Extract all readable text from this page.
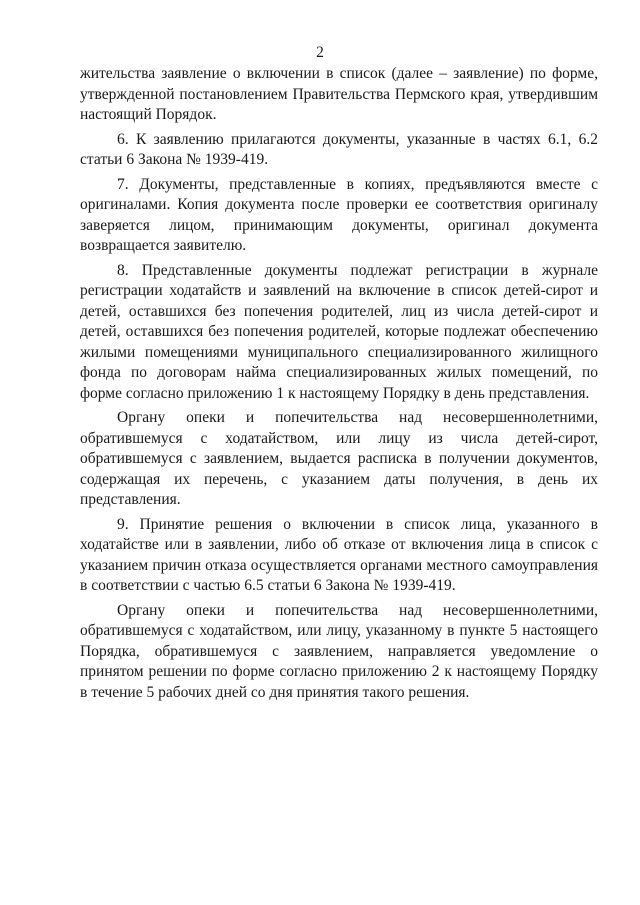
2

жительства заявление о включении в список (далее – заявление) по форме, утвержденной постановлением Правительства Пермского края, утвердившим настоящий Порядок.

6. К заявлению прилагаются документы, указанные в частях 6.1, 6.2 статьи 6 Закона № 1939-419.

7. Документы, представленные в копиях, предъявляются вместе с оригиналами. Копия документа после проверки ее соответствия оригиналу заверяется лицом, принимающим документы, оригинал документа возвращается заявителю.

8. Представленные документы подлежат регистрации в журнале регистрации ходатайств и заявлений на включение в список детей-сирот и детей, оставшихся без попечения родителей, лиц из числа детей-сирот и детей, оставшихся без попечения родителей, которые подлежат обеспечению жилыми помещениями муниципального специализированного жилищного фонда по договорам найма специализированных жилых помещений, по форме согласно приложению 1 к настоящему Порядку в день представления.

Органу опеки и попечительства над несовершеннолетними, обратившемуся с ходатайством, или лицу из числа детей-сирот, обратившемуся с заявлением, выдается расписка в получении документов, содержащая их перечень, с указанием даты получения, в день их представления.

9. Принятие решения о включении в список лица, указанного в ходатайстве или в заявлении, либо об отказе от включения лица в список с указанием причин отказа осуществляется органами местного самоуправления в соответствии с частью 6.5 статьи 6 Закона № 1939-419.

Органу опеки и попечительства над несовершеннолетними, обратившемуся с ходатайством, или лицу, указанному в пункте 5 настоящего Порядка, обратившемуся с заявлением, направляется уведомление о принятом решении по форме согласно приложению 2 к настоящему Порядку в течение 5 рабочих дней со дня принятия такого решения.
